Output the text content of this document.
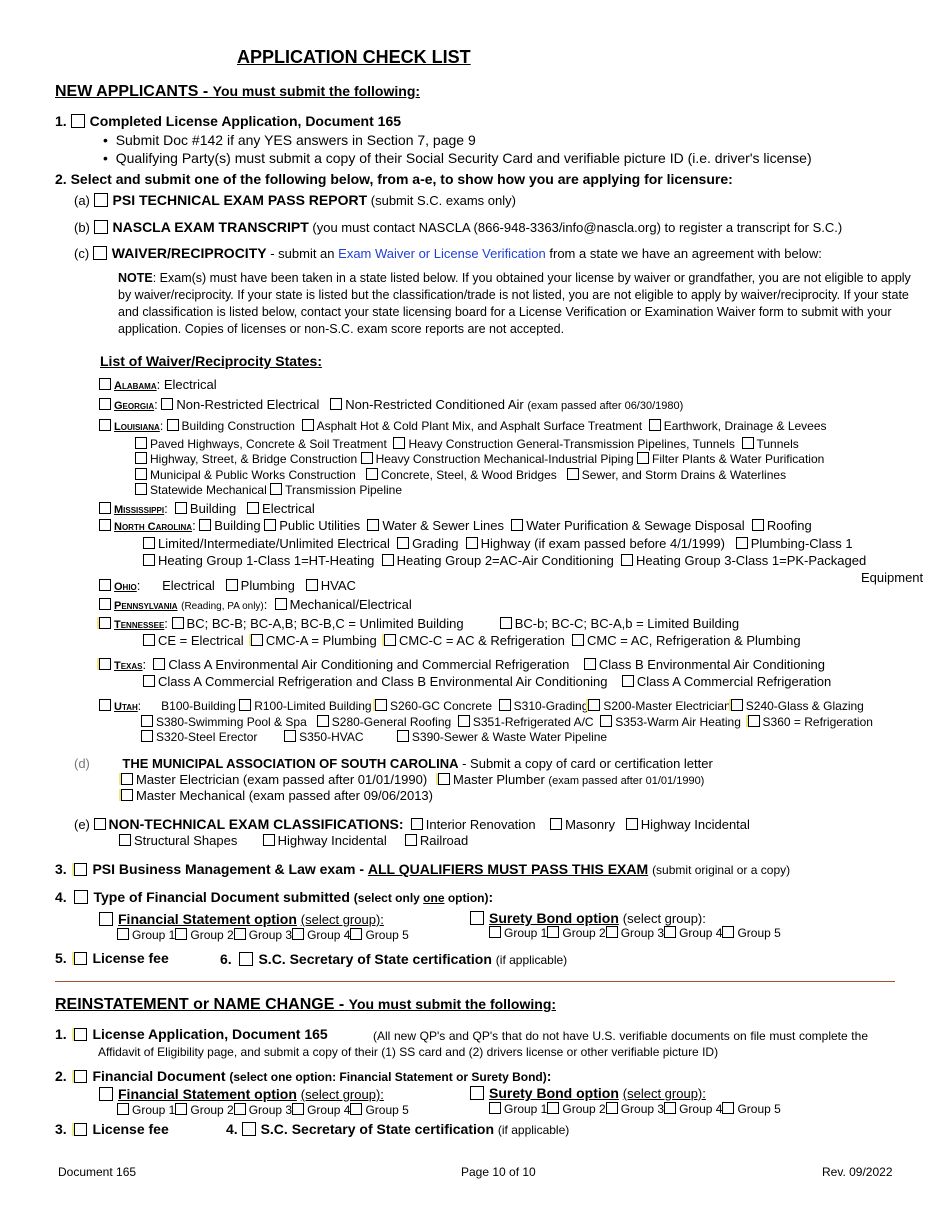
APPLICATION CHECK LIST
NEW APPLICANTS - You must submit the following:
1. Completed License Application, Document 165
•  Submit Doc #142 if any YES answers in Section 7, page 9
•  Qualifying Party(s) must submit a copy of their Social Security Card and verifiable picture ID (i.e. driver's license)
2. Select and submit one of the following below, from a-e, to show how you are applying for licensure:
(a) PSI TECHNICAL EXAM PASS REPORT (submit S.C. exams only)
(b) NASCLA EXAM TRANSCRIPT (you must contact NASCLA (866-948-3363/info@nascla.org) to register a transcript for S.C.)
(c) WAIVER/RECIPROCITY - submit an Exam Waiver or License Verification from a state we have an agreement with below:
NOTE: Exam(s) must have been taken in a state listed below. If you obtained your license by waiver or grandfather, you are not eligible to apply by waiver/reciprocity. If your state is listed but the classification/trade is not listed, you are not eligible to apply by waiver/reciprocity. If your state and classification is listed below, contact your state licensing board for a License Verification or Examination Waiver form to submit with your application. Copies of licenses or non-S.C. exam score reports are not accepted.
List of Waiver/Reciprocity States:
Alabama: Electrical
Georgia: Non-Restricted Electrical Non-Restricted Conditioned Air (exam passed after 06/30/1980)
Louisiana: Building Construction Asphalt Hot & Cold Plant Mix, and Asphalt Surface Treatment Earthwork, Drainage & Levees
Paved Highways, Concrete & Soil Treatment Heavy Construction General-Transmission Pipelines, Tunnels Tunnels
Highway, Street, & Bridge Construction Heavy Construction Mechanical-Industrial Piping Filter Plants & Water Purification
Municipal & Public Works Construction Concrete, Steel, & Wood Bridges Sewer, and Storm Drains & Waterlines
Statewide Mechanical Transmission Pipeline
Mississippi:  Building Electrical
North Carolina: Building Public Utilities Water & Sewer Lines Water Purification & Sewage Disposal Roofing
Limited/Intermediate/Unlimited Electrical Grading Highway (if exam passed before 4/1/1999) Plumbing-Class 1
Heating Group 1-Class 1=HT-Heating Heating Group 2=AC-Air Conditioning Heating Group 3-Class 1=PK-Packaged
Equipment
Ohio:      Electrical Plumbing HVAC
Pennsylvania (Reading, PA only):  Mechanical/Electrical
Tennessee: BC; BC-B; BC-A,B; BC-B,C = Unlimited Building	BC-b; BC-C; BC-A,b = Limited Building
CE = Electrical CMC-A = Plumbing CMC-C = AC & Refrigeration CMC = AC, Refrigeration & Plumbing
Texas:  Class A Environmental Air Conditioning and Commercial Refrigeration Class B Environmental Air Conditioning
Class A Commercial Refrigeration and Class B Environmental Air Conditioning Class A Commercial Refrigeration
Utah:      B100-Building R100-Limited Building S260-GC Concrete S310-Grading S200-Master Electrician S240-Glass & Glazing
S380-Swimming Pool & Spa S280-General Roofing S351-Refrigerated A/C S353-Warm Air Heating S360 = Refrigeration
S320-Steel Erector	S350-HVAC	S390-Sewer & Waste Water Pipeline
(d)	THE MUNICIPAL ASSOCIATION OF SOUTH CAROLINA - Submit a copy of card or certification letter
Master Electrician (exam passed after 01/01/1990) Master Plumber (exam passed after 01/01/1990)
Master Mechanical (exam passed after 09/06/2013)
(e) NON-TECHNICAL EXAM CLASSIFICATIONS: Interior Renovation Masonry Highway Incidental
Structural Shapes	Highway Incidental	Railroad
3. PSI Business Management & Law exam - ALL QUALIFIERS MUST PASS THIS EXAM (submit original or a copy)
4. Type of Financial Document submitted (select only one option):
Financial Statement option (select group):	Surety Bond option (select group):
Group 1 Group 2 Group 3 Group 4 Group 5	Group 1 Group 2 Group 3 Group 4 Group 5
5. License fee	6. S.C. Secretary of State certification (if applicable)
REINSTATEMENT or NAME CHANGE - You must submit the following:
1. License Application, Document 165	(All new QP's and QP's that do not have U.S. verifiable documents on file must complete the Affidavit of Eligibility page, and submit a copy of their (1) SS card and (2) drivers license or other verifiable picture ID)
2. Financial Document (select one option: Financial Statement or Surety Bond):
Financial Statement option (select group):	Surety Bond option (select group):
Group 1 Group 2 Group 3 Group 4 Group 5	Group 1 Group 2 Group 3 Group 4 Group 5
3. License fee	4. S.C. Secretary of State certification (if applicable)
Document 165	Page 10 of 10	Rev. 09/2022
